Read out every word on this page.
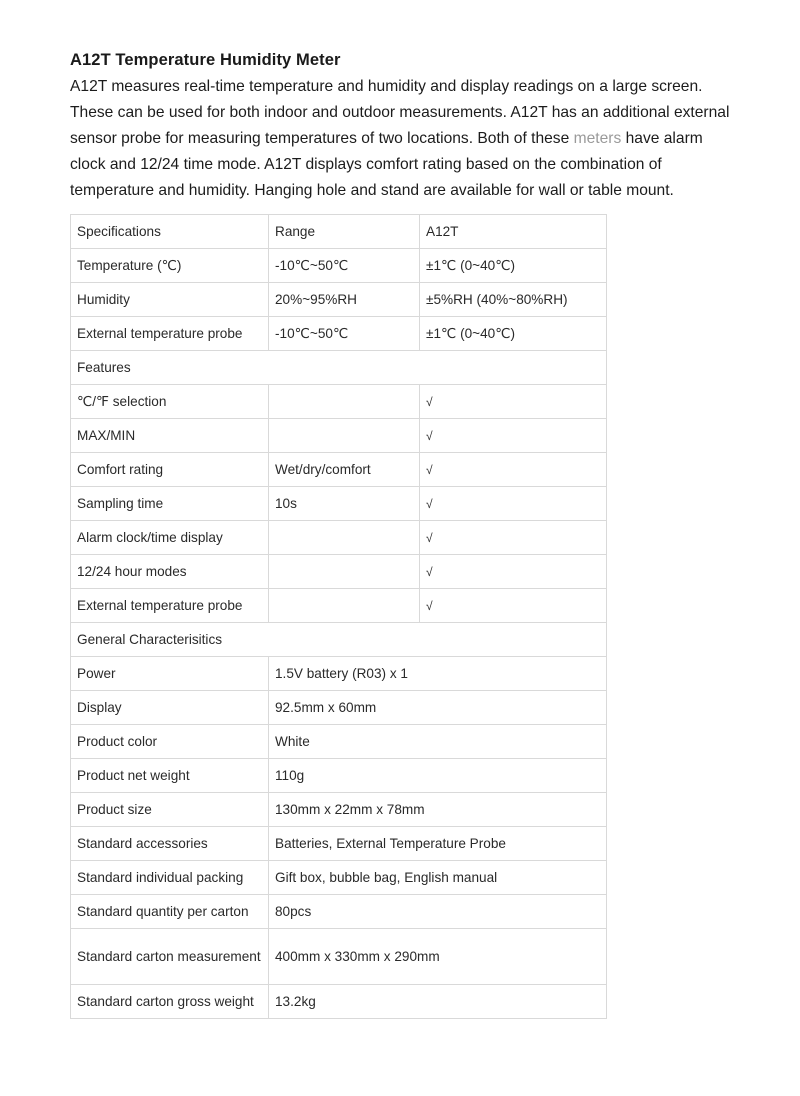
A12T Temperature Humidity Meter

A12T measures real-time temperature and humidity and display readings on a large screen. These can be used for both indoor and outdoor measurements. A12T has an additional external sensor probe for measuring temperatures of two locations. Both of these meters have alarm clock and 12/24 time mode. A12T displays comfort rating based on the combination of temperature and humidity. Hanging hole and stand are available for wall or table mount.

Specifications	Range	A12T
Temperature (℃)	-10℃~50℃	±1℃ (0~40℃)
Humidity	20%~95%RH	±5%RH (40%~80%RH)
External temperature probe	-10℃~50℃	±1℃ (0~40℃)
Features		
℃/℉ selection		√
MAX/MIN		√
Comfort rating	Wet/dry/comfort	√
Sampling time	10s	√
Alarm clock/time display		√
12/24 hour modes		√
External temperature probe		√
General Characterisitics		
Power	1.5V battery (R03) x 1	
Display	92.5mm x 60mm	
Product color	White	
Product net weight	110g	
Product size	130mm x 22mm x 78mm	
Standard accessories	Batteries, External Temperature Probe	
Standard individual packing	Gift box, bubble bag, English manual	
Standard quantity per carton	80pcs	
Standard carton measurement	400mm x 330mm x 290mm	
Standard carton gross weight	13.2kg	
